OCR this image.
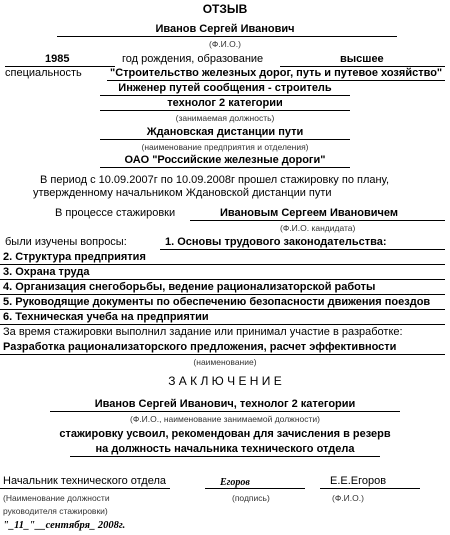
ОТЗЫВ
Иванов Сергей Иванович
(Ф.И.О.)
1985	год рождения, образование	высшее
специальность	"Строительство железных дорог, путь и путевое хозяйство"
Инженер путей сообщения - строитель
технолог 2 категории
(занимаемая должность)
Ждановская дистанции пути
(наименование предприятия и отделения)
ОАО "Российские железные дороги"
В период с 10.09.2007г по 10.09.2008г прошел стажировку по плану,
утвержденному начальником Ждановской дистанции пути
В процессе стажировки	Ивановым Сергеем Ивановичем
(Ф.И.О. кандидата)
были изучены вопросы:	1. Основы трудового законодательства:
2. Структура предприятия
3. Охрана труда
4. Организация снегоборьбы, ведение рационализаторской работы
5. Руководящие документы по обеспечению безопасности движения поездов
6. Техническая учеба на предприятии
За время стажировки выполнил задание или принимал участие в разработке:
Разработка рационализаторского предложения, расчет эффективности
(наименование)
З А К Л Ю Ч Е Н И Е
Иванов Сергей Иванович, технолог 2 категории
(Ф.И.О., наименование занимаемой должности)
стажировку усвоил, рекомендован для зачисления в резерв
на должность начальника технического отдела
Начальник технического отдела	Егоров	Е.Е.Егоров
(Наименование должности
руководителя стажировки)
(подпись)	(Ф.И.О.)
"_11_"__сентября_ 2008г.
